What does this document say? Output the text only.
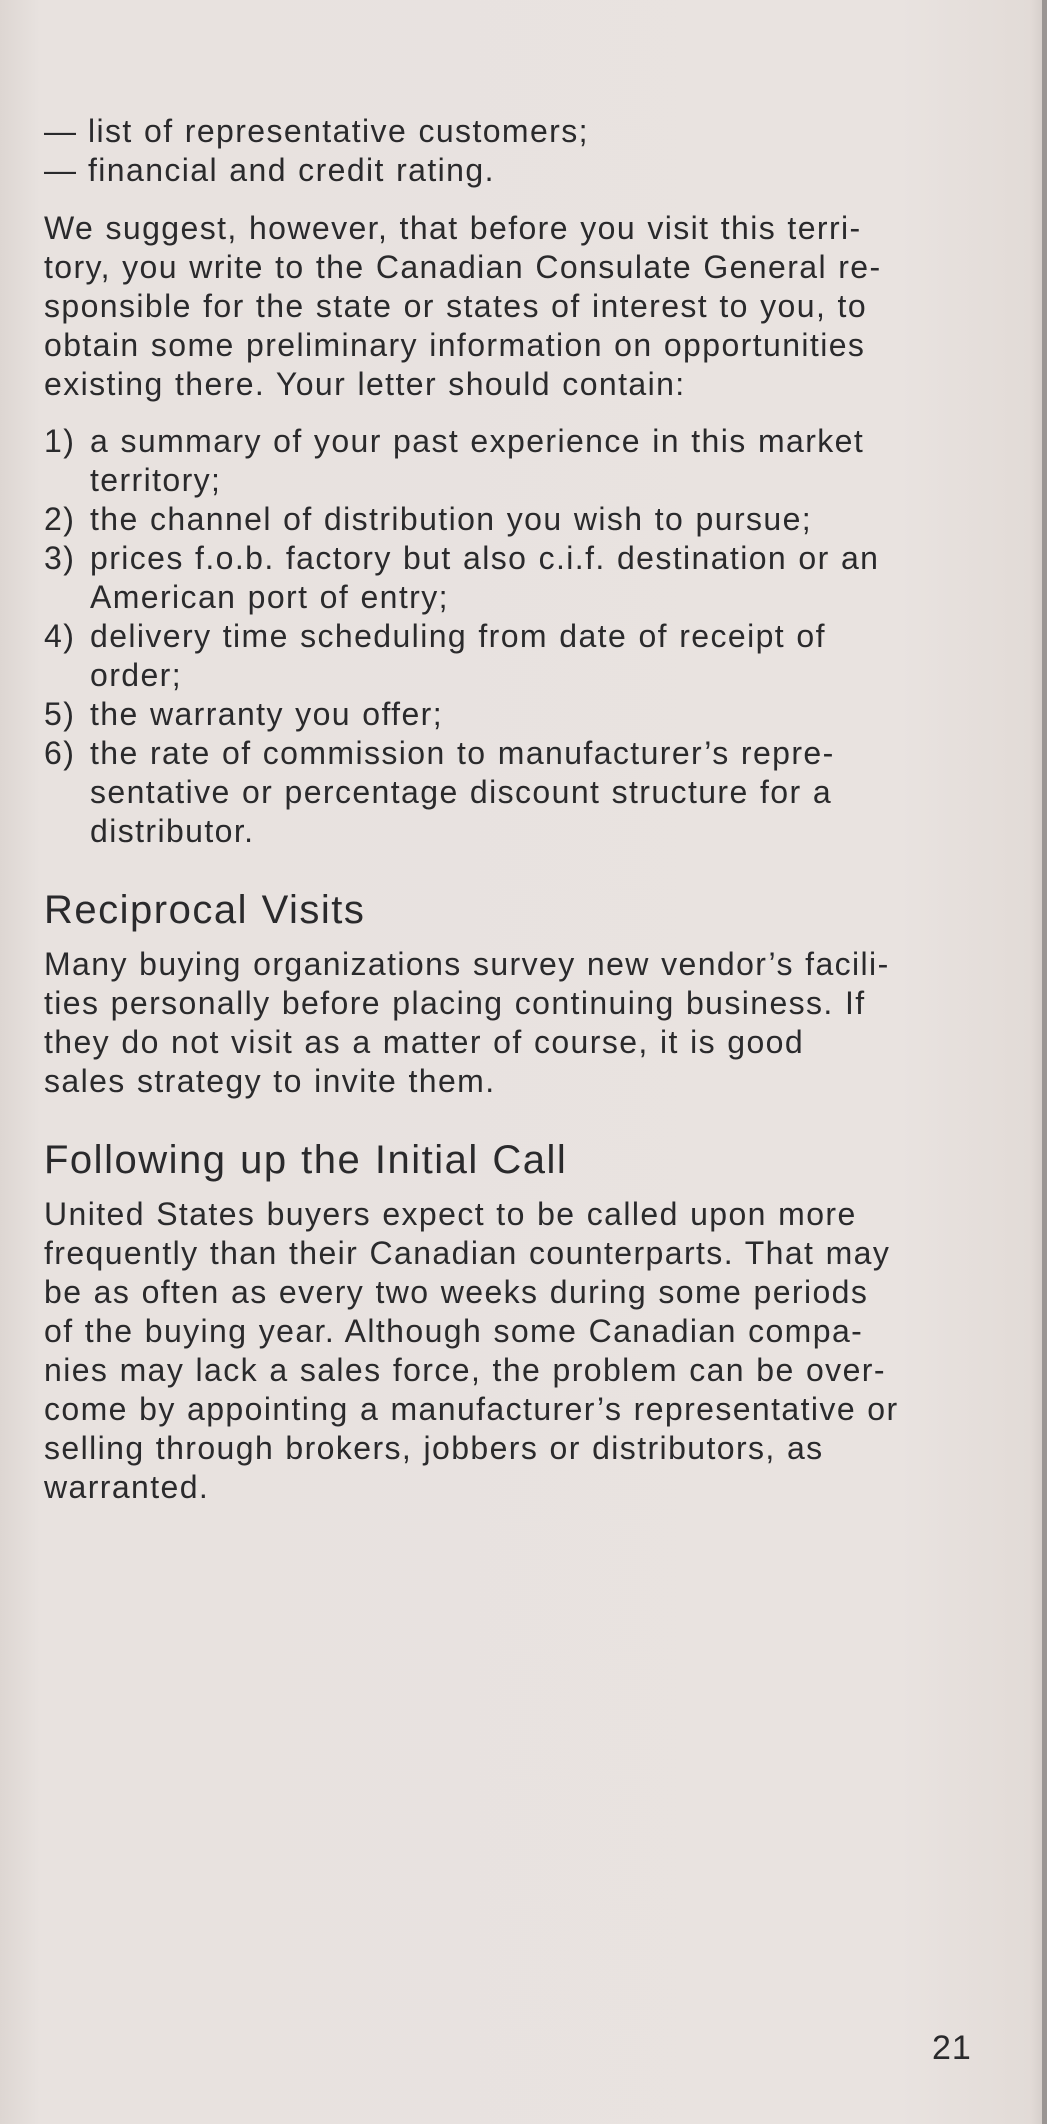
— list of representative customers;
— financial and credit rating.
We suggest, however, that before you visit this terri-
tory, you write to the Canadian Consulate General re-
sponsible for the state or states of interest to you, to
obtain some preliminary information on opportunities
existing there. Your letter should contain:
1) a summary of your past experience in this market
territory;
2) the channel of distribution you wish to pursue;
3) prices f.o.b. factory but also c.i.f. destination or an
American port of entry;
4) delivery time scheduling from date of receipt of
order;
5) the warranty you offer;
6) the rate of commission to manufacturer’s repre-
sentative or percentage discount structure for a
distributor.
Reciprocal Visits
Many buying organizations survey new vendor’s facili-
ties personally before placing continuing business. If
they do not visit as a matter of course, it is good
sales strategy to invite them.
Following up the Initial Call
United States buyers expect to be called upon more
frequently than their Canadian counterparts. That may
be as often as every two weeks during some periods
of the buying year. Although some Canadian compa-
nies may lack a sales force, the problem can be over-
come by appointing a manufacturer’s representative or
selling through brokers, jobbers or distributors, as
warranted.
21
